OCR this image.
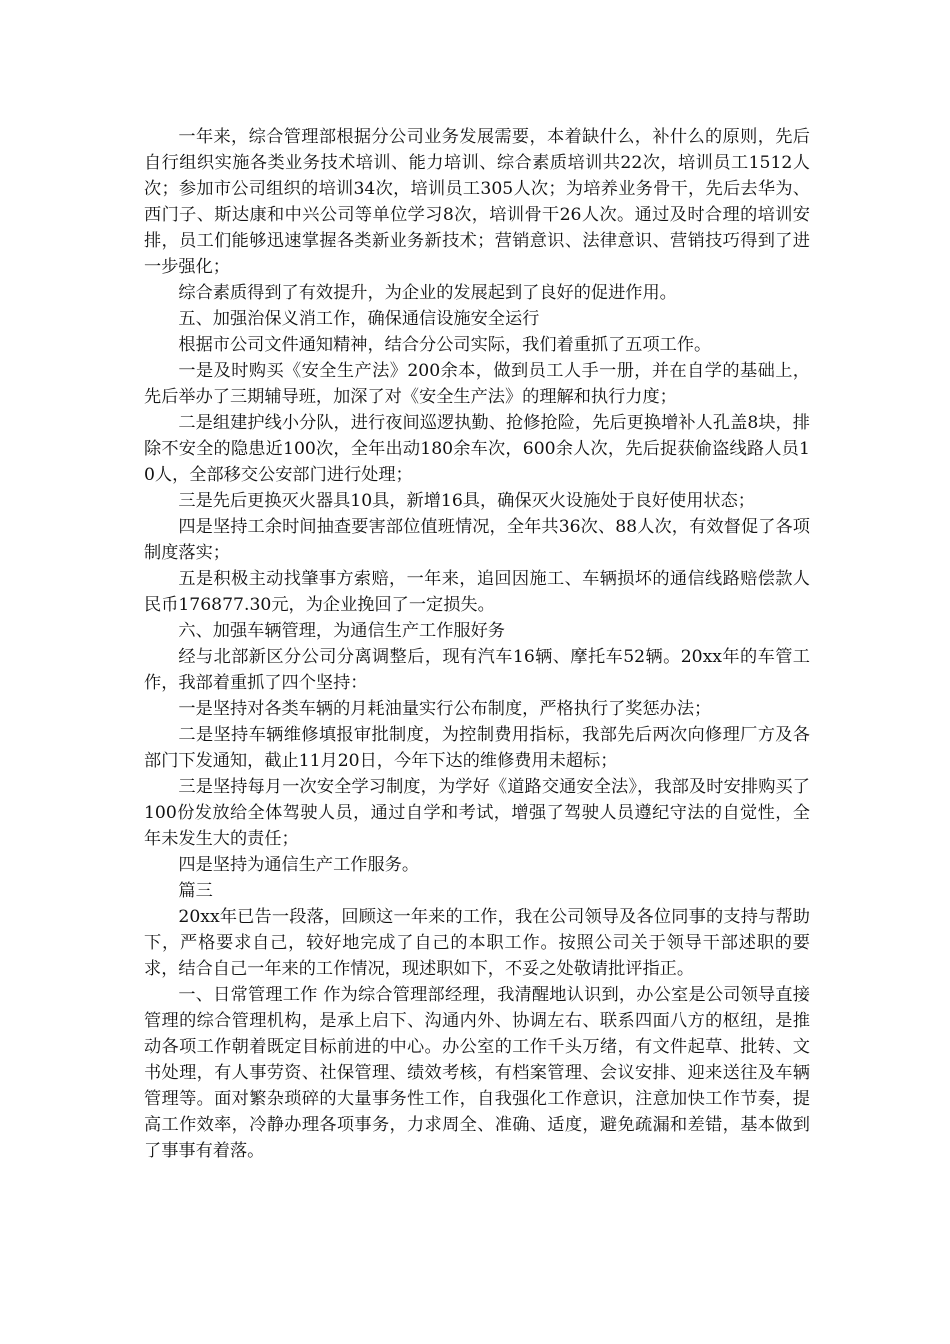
一年来，综合管理部根据分公司业务发展需要，本着缺什么，补什么的原则，先后自行组织实施各类业务技术培训、能力培训、综合素质培训共22次，培训员工1512人次；参加市公司组织的培训34次，培训员工305人次；为培养业务骨干，先后去华为、西门子、斯达康和中兴公司等单位学习8次，培训骨干26人次。通过及时合理的培训安排，员工们能够迅速掌握各类新业务新技术；营销意识、法律意识、营销技巧得到了进一步强化；

综合素质得到了有效提升，为企业的发展起到了良好的促进作用。

五、加强治保义消工作，确保通信设施安全运行

根据市公司文件通知精神，结合分公司实际，我们着重抓了五项工作。

一是及时购买《安全生产法》200余本，做到员工人手一册，并在自学的基础上，先后举办了三期辅导班，加深了对《安全生产法》的理解和执行力度；

二是组建护线小分队，进行夜间巡逻执勤、抢修抢险，先后更换增补人孔盖8块，排除不安全的隐患近100次，全年出动180余车次，600余人次，先后捉获偷盗线路人员10人，全部移交公安部门进行处理；

三是先后更换灭火器具10具，新增16具，确保灭火设施处于良好使用状态；

四是坚持工余时间抽查要害部位值班情况，全年共36次、88人次，有效督促了各项制度落实；

五是积极主动找肇事方索赔，一年来，追回因施工、车辆损坏的通信线路赔偿款人民币176877.30元，为企业挽回了一定损失。

六、加强车辆管理，为通信生产工作服好务

经与北部新区分公司分离调整后，现有汽车16辆、摩托车52辆。20xx年的车管工作，我部着重抓了四个坚持：

一是坚持对各类车辆的月耗油量实行公布制度，严格执行了奖惩办法；

二是坚持车辆维修填报审批制度，为控制费用指标，我部先后两次向修理厂方及各部门下发通知，截止11月20日，今年下达的维修费用未超标；

三是坚持每月一次安全学习制度，为学好《道路交通安全法》，我部及时安排购买了100份发放给全体驾驶人员，通过自学和考试，增强了驾驶人员遵纪守法的自觉性，全年未发生大的责任；

四是坚持为通信生产工作服务。

篇三

20xx年已告一段落，回顾这一年来的工作，我在公司领导及各位同事的支持与帮助下，严格要求自己，较好地完成了自己的本职工作。按照公司关于领导干部述职的要求，结合自己一年来的工作情况，现述职如下，不妥之处敬请批评指正。

一、日常管理工作 作为综合管理部经理，我清醒地认识到，办公室是公司领导直接管理的综合管理机构，是承上启下、沟通内外、协调左右、联系四面八方的枢纽，是推动各项工作朝着既定目标前进的中心。办公室的工作千头万绪，有文件起草、批转、文书处理，有人事劳资、社保管理、绩效考核，有档案管理、会议安排、迎来送往及车辆管理等。面对繁杂琐碎的大量事务性工作，自我强化工作意识，注意加快工作节奏，提高工作效率，冷静办理各项事务，力求周全、准确、适度，避免疏漏和差错，基本做到了事事有着落。
